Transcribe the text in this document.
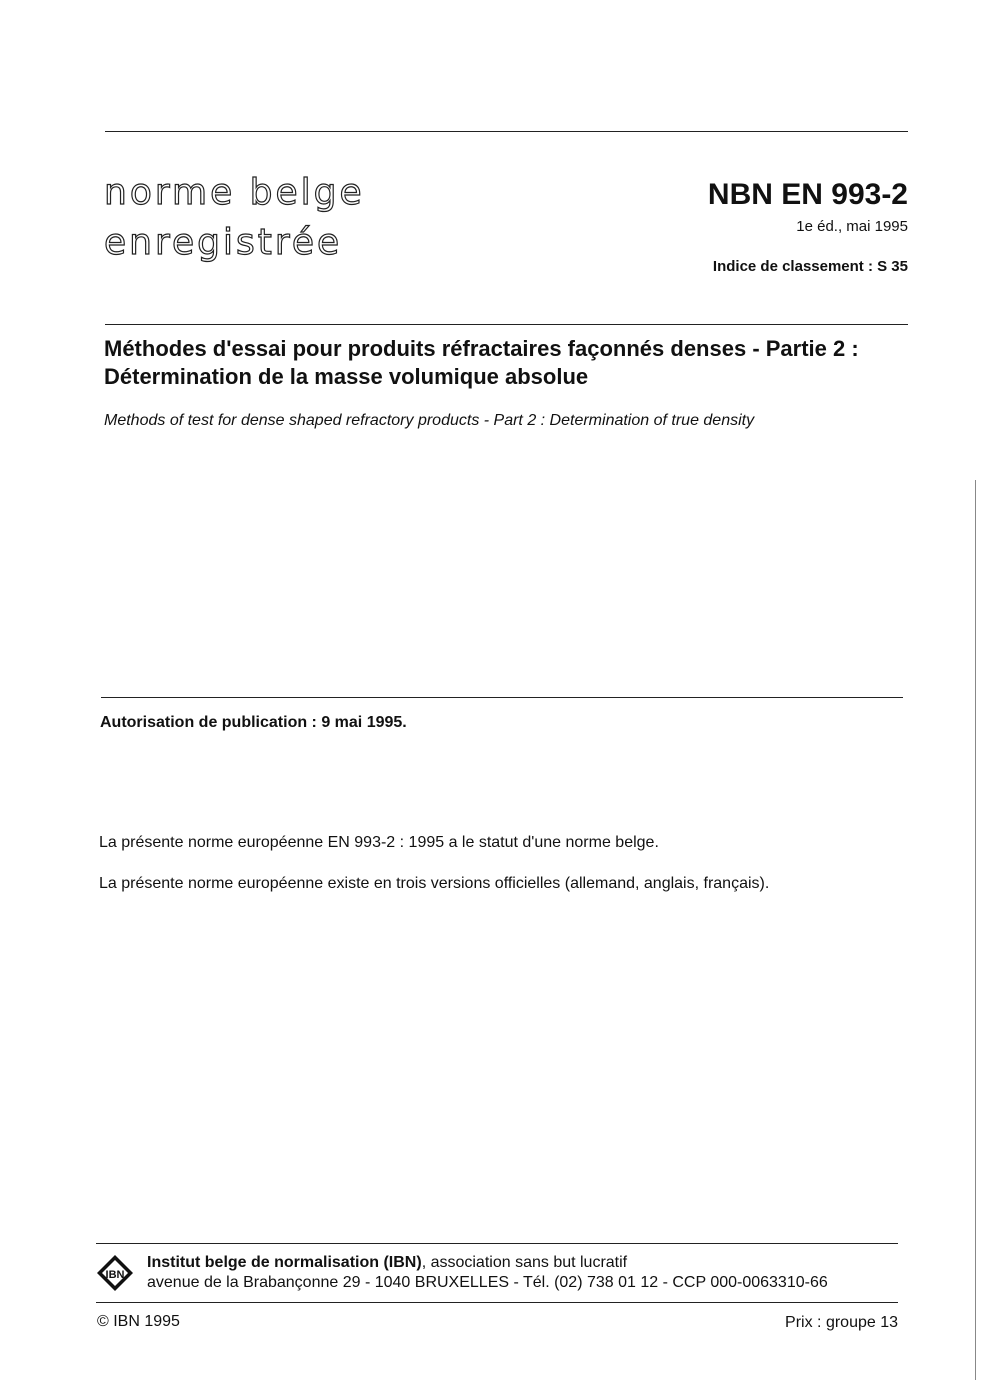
norme belge
enregistrée
NBN EN 993-2
1e éd., mai 1995
Indice de classement : S 35
Méthodes d'essai pour produits réfractaires façonnés denses - Partie 2 : Détermination de la masse volumique absolue
Methods of test for dense shaped refractory products - Part 2 : Determination of true density
Autorisation de publication : 9 mai 1995.
La présente norme européenne EN 993-2 : 1995 a le statut d'une norme belge.
La présente norme européenne existe en trois versions officielles (allemand, anglais, français).
IBN
Institut belge de normalisation (IBN), association sans but lucratif
avenue de la Brabançonne 29 - 1040 BRUXELLES - Tél. (02) 738 01 12 - CCP 000-0063310-66
© IBN 1995	Prix : groupe 13
